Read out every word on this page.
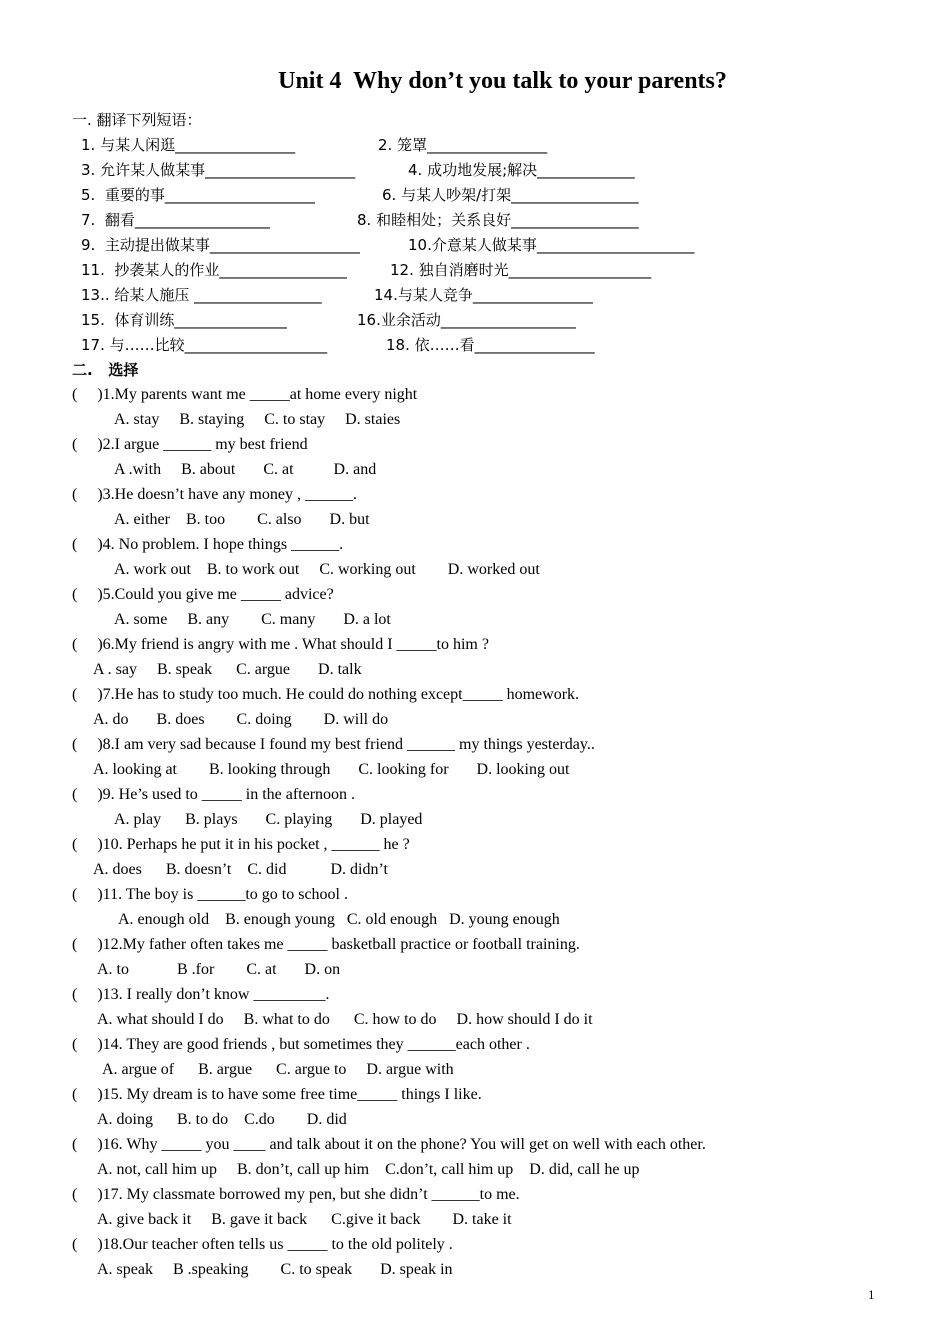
Unit 4  Why don’t you talk to your parents?
一. 翻译下列短语：
1. 与某人闲逛________________	2. 笼罩________________
3. 允许某人做某事____________________	4. 成功地发展;解决_____________
5.  重要的事____________________	6. 与某人吵架/打架_________________
7.  翻看__________________	8. 和睦相处；关系良好_________________
9.  主动提出做某事____________________	10.介意某人做某事_____________________
11.  抄袭某人的作业_________________	12. 独自消磨时光___________________
13.. 给某人施压 _________________	14.与某人竞争________________
15.  体育训练_______________	16.业余活动__________________
17. 与……比较___________________	18. 依……看________________
二.   选择
(     )1.My parents want me _____at home every night
A. stay     B. staying     C. to stay     D. staies
(     )2.I argue ______ my best friend
A .with     B. about       C. at          D. and
(     )3.He doesn’t have any money , ______.
A. either    B. too        C. also       D. but
(     )4. No problem. I hope things ______.
A. work out    B. to work out     C. working out        D. worked out
(     )5.Could you give me _____ advice?
A. some     B. any        C. many       D. a lot
(     )6.My friend is angry with me . What should I _____to him ?
A . say     B. speak      C. argue       D. talk
(     )7.He has to study too much. He could do nothing except_____ homework.
A. do       B. does        C. doing        D. will do
(     )8.I am very sad because I found my best friend ______ my things yesterday..
A. looking at        B. looking through       C. looking for       D. looking out
(     )9. He’s used to _____ in the afternoon .
A. play      B. plays       C. playing       D. played
(     )10. Perhaps he put it in his pocket , ______ he ?
A. does      B. doesn’t    C. did           D. didn’t
(     )11. The boy is ______to go to school .
A. enough old    B. enough young   C. old enough   D. young enough
(     )12.My father often takes me _____ basketball practice or football training.
A. to            B .for        C. at       D. on
(     )13. I really don’t know _________.
A. what should I do     B. what to do      C. how to do     D. how should I do it
(     )14. They are good friends , but sometimes they ______each other .
A. argue of      B. argue      C. argue to     D. argue with
(     )15. My dream is to have some free time_____ things I like.
A. doing      B. to do    C.do        D. did
(     )16. Why _____ you ____ and talk about it on the phone? You will get on well with each other.
A. not, call him up     B. don’t, call up him    C.don’t, call him up    D. did, call he up
(     )17. My classmate borrowed my pen, but she didn’t ______to me.
A. give back it     B. gave it back      C.give it back        D. take it
(     )18.Our teacher often tells us _____ to the old politely .
A. speak     B .speaking        C. to speak       D. speak in
1
